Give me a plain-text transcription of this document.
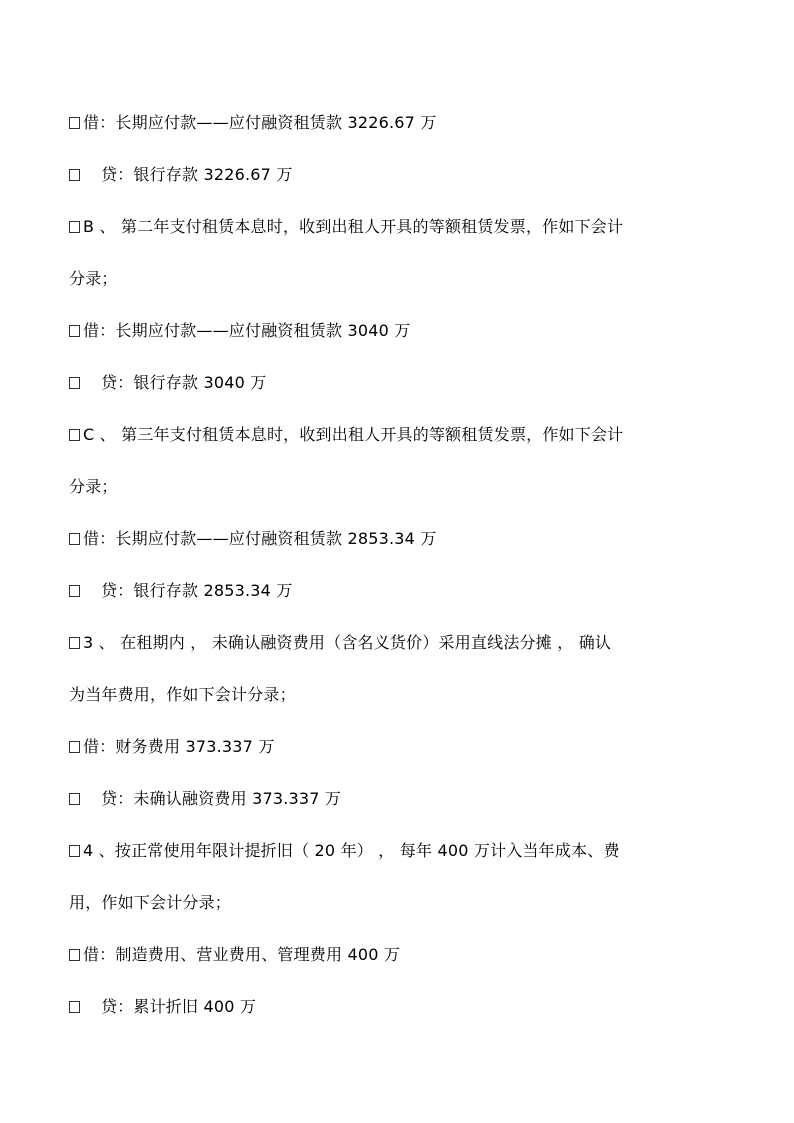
借：长期应付款——应付融资租赁款 3226.67 万
贷：银行存款 3226.67 万
B 、 第二年支付租赁本息时，收到出租人开具的等额租赁发票，作如下会计
分录；
借：长期应付款——应付融资租赁款 3040 万
贷：银行存款 3040 万
C 、 第三年支付租赁本息时，收到出租人开具的等额租赁发票，作如下会计
分录；
借：长期应付款——应付融资租赁款 2853.34 万
贷：银行存款 2853.34 万
3 、 在租期内 ， 未确认融资费用（含名义货价）采用直线法分摊 ， 确认
为当年费用，作如下会计分录；
借：财务费用 373.337 万
贷：未确认融资费用 373.337 万
4 、按正常使用年限计提折旧（ 20 年） ， 每年 400 万计入当年成本、费
用，作如下会计分录；
借：制造费用、营业费用、管理费用 400 万
贷：累计折旧 400 万
